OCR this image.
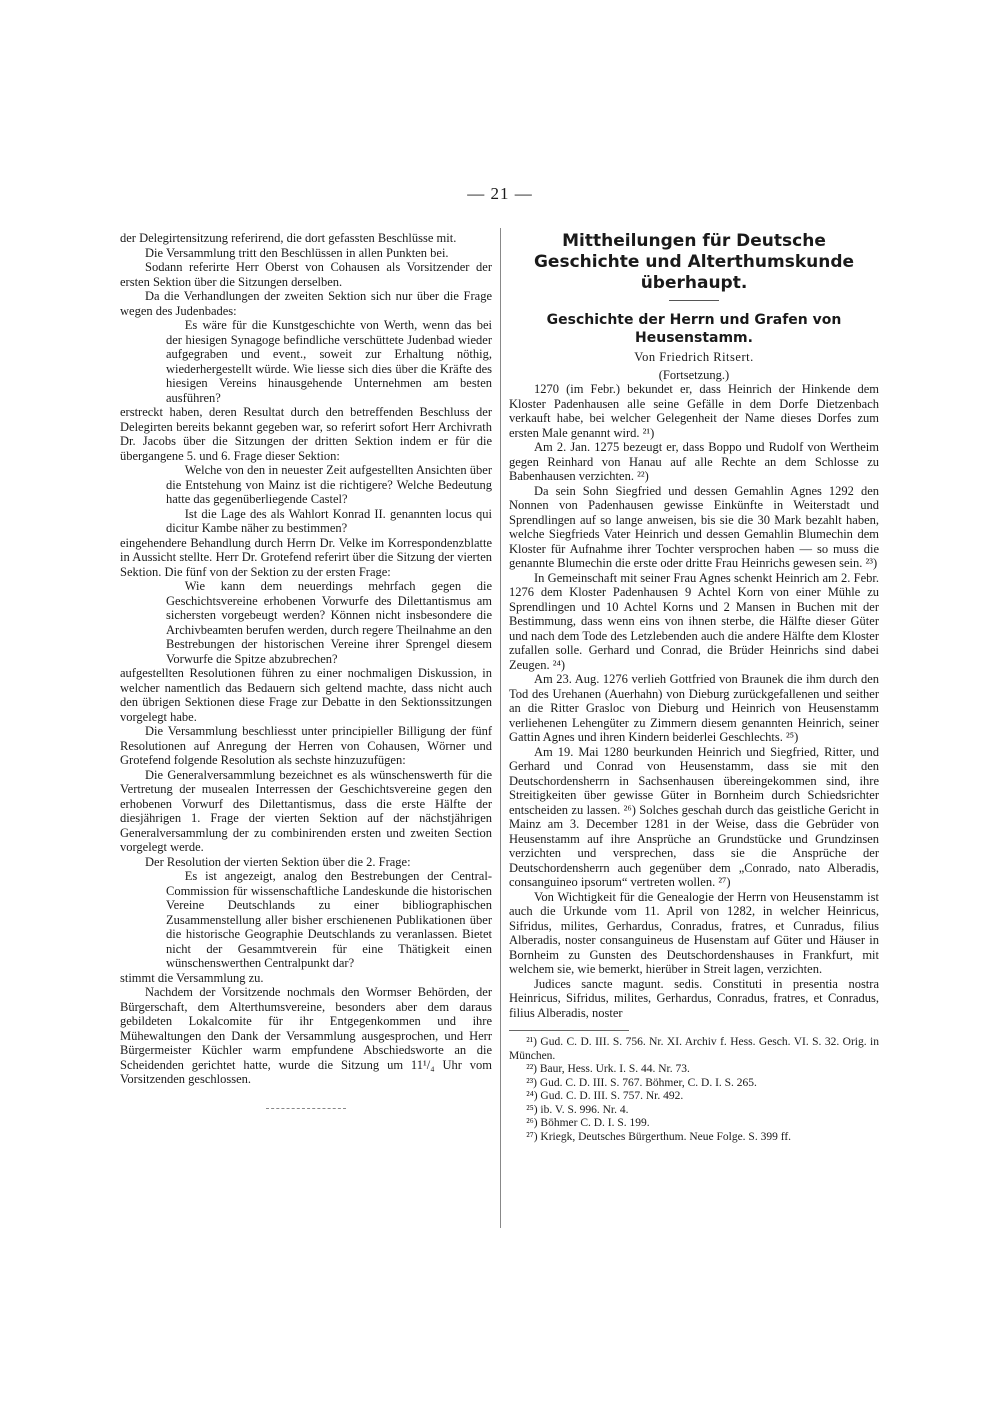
— 21 —

der Delegirtensitzung referirend, die dort gefassten Beschlüsse mit.

Die Versammlung tritt den Beschlüssen in allen Punkten bei.

Sodann referirte Herr Oberst von Cohausen als Vorsitzender der ersten Sektion über die Sitzungen derselben.

Da die Verhandlungen der zweiten Sektion sich nur über die Frage wegen des Judenbades:

Es wäre für die Kunstgeschichte von Werth, wenn das bei der hiesigen Synagoge befindliche verschüttete Judenbad wieder aufgegraben und event., soweit zur Erhaltung nöthig, wiederhergestellt würde. Wie liesse sich dies über die Kräfte des hiesigen Vereins hinausgehende Unternehmen am besten ausführen?

erstreckt haben, deren Resultat durch den betreffenden Beschluss der Delegirten bereits bekannt gegeben war, so referirt sofort Herr Archivrath Dr. Jacobs über die Sitzungen der dritten Sektion indem er für die übergangene 5. und 6. Frage dieser Sektion:

Welche von den in neuester Zeit aufgestellten Ansichten über die Entstehung von Mainz ist die richtigere? Welche Bedeutung hatte das gegenüberliegende Castel?

Ist die Lage des als Wahlort Konrad II. genannten locus qui dicitur Kambe näher zu bestimmen?

eingehendere Behandlung durch Herrn Dr. Velke im Korrespondenzblatte in Aussicht stellte. Herr Dr. Grotefend referirt über die Sitzung der vierten Sektion. Die fünf von der Sektion zu der ersten Frage:

Wie kann dem neuerdings mehrfach gegen die Geschichtsvereine erhobenen Vorwurfe des Dilettantismus am sichersten vorgebeugt werden? Können nicht insbesondere die Archivbeamten berufen werden, durch regere Theilnahme an den Bestrebungen der historischen Vereine ihrer Sprengel diesem Vorwurfe die Spitze abzubrechen?

aufgestellten Resolutionen führen zu einer nochmaligen Diskussion, in welcher namentlich das Bedauern sich geltend machte, dass nicht auch den übrigen Sektionen diese Frage zur Debatte in den Sektionssitzungen vorgelegt habe.

Die Versammlung beschliesst unter principieller Billigung der fünf Resolutionen auf Anregung der Herren von Cohausen, Wörner und Grotefend folgende Resolution als sechste hinzuzufügen:

Die Generalversammlung bezeichnet es als wünschenswerth für die Vertretung der musealen Interressen der Geschichtsvereine gegen den erhobenen Vorwurf des Dilettantismus, dass die erste Hälfte der diesjährigen 1. Frage der vierten Sektion auf der nächstjährigen Generalversammlung der zu combinirenden ersten und zweiten Section vorgelegt werde.

Der Resolution der vierten Sektion über die 2. Frage:

Es ist angezeigt, analog den Bestrebungen der Central-Commission für wissenschaftliche Landeskunde die historischen Vereine Deutschlands zu einer bibliographischen Zusammenstellung aller bisher erschienenen Publikationen über die historische Geographie Deutschlands zu veranlassen. Bietet nicht der Gesammtverein für eine Thätigkeit einen wünschenswerthen Centralpunkt dar?

stimmt die Versammlung zu.

Nachdem der Vorsitzende nochmals den Wormser Behörden, der Bürgerschaft, dem Alterthumsvereine, besonders aber dem daraus gebildeten Lokalcomite für ihr Entgegenkommen und ihre Mühewaltungen den Dank der Versammlung ausgesprochen, und Herr Bürgermeister Küchler warm empfundene Abschiedsworte an die Scheidenden gerichtet hatte, wurde die Sitzung um 11¹/₄ Uhr vom Vorsitzenden geschlossen.

Mittheilungen für Deutsche Geschichte und Alterthumskunde überhaupt.
Geschichte der Herrn und Grafen von Heusenstamm.

Von Friedrich Ritsert.

(Fortsetzung.)

1270 (im Febr.) bekundet er, dass Heinrich der Hinkende dem Kloster Padenhausen alle seine Gefälle in dem Dorfe Dietzenbach verkauft habe, bei welcher Gelegenheit der Name dieses Dorfes zum ersten Male genannt wird. ²¹)

Am 2. Jan. 1275 bezeugt er, dass Boppo und Rudolf von Wertheim gegen Reinhard von Hanau auf alle Rechte an dem Schlosse zu Babenhausen verzichten. ²²)

Da sein Sohn Siegfried und dessen Gemahlin Agnes 1292 den Nonnen von Padenhausen gewisse Einkünfte in Weiterstadt und Sprendlingen auf so lange anweisen, bis sie die 30 Mark bezahlt haben, welche Siegfrieds Vater Heinrich und dessen Gemahlin Blumechin dem Kloster für Aufnahme ihrer Tochter versprochen haben — so muss die genannte Blumechin die erste oder dritte Frau Heinrichs gewesen sein. ²³)

In Gemeinschaft mit seiner Frau Agnes schenkt Heinrich am 2. Febr. 1276 dem Kloster Padenhausen 9 Achtel Korn von einer Mühle zu Sprendlingen und 10 Achtel Korns und 2 Mansen in Buchen mit der Bestimmung, dass wenn eins von ihnen sterbe, die Hälfte dieser Güter und nach dem Tode des Letzlebenden auch die andere Hälfte dem Kloster zufallen solle. Gerhard und Conrad, die Brüder Heinrichs sind dabei Zeugen. ²⁴)

Am 23. Aug. 1276 verlieh Gottfried von Braunek die ihm durch den Tod des Urehanen (Auerhahn) von Dieburg zurückgefallenen und seither an die Ritter Grasloc von Dieburg und Heinrich von Heusenstamm verliehenen Lehengüter zu Zimmern diesem genannten Heinrich, seiner Gattin Agnes und ihren Kindern beiderlei Geschlechts. ²⁵)

Am 19. Mai 1280 beurkunden Heinrich und Siegfried, Ritter, und Gerhard und Conrad von Heusenstamm, dass sie mit den Deutschordensherrn in Sachsenhausen übereingekommen sind, ihre Streitigkeiten über gewisse Güter in Bornheim durch Schiedsrichter entscheiden zu lassen. ²⁶) Solches geschah durch das geistliche Gericht in Mainz am 3. December 1281 in der Weise, dass die Gebrüder von Heusenstamm auf ihre Ansprüche an Grundstücke und Grundzinsen verzichten und versprechen, dass sie die Ansprüche der Deutschordensherrn auch gegenüber dem „Conrado, nato Alberadis, consanguineo ipsorum“ vertreten wollen. ²⁷)

Von Wichtigkeit für die Genealogie der Herrn von Heusenstamm ist auch die Urkunde vom 11. April von 1282, in welcher Heinricus, Sifridus, milites, Gerhardus, Conradus, fratres, et Cunradus, filius Alberadis, noster consanguineus de Husenstam auf Güter und Häuser in Bornheim zu Gunsten des Deutschordenshauses in Frankfurt, mit welchem sie, wie bemerkt, hierüber in Streit lagen, verzichten.

Judices sancte magunt. sedis. Constituti in presentia nostra Heinricus, Sifridus, milites, Gerhardus, Conradus, fratres, et Conradus, filius Alberadis, noster

²¹) Gud. C. D. III. S. 756. Nr. XI. Archiv f. Hess. Gesch. VI. S. 32. Orig. in München.

²²) Baur, Hess. Urk. I. S. 44. Nr. 73.

²³) Gud. C. D. III. S. 767. Böhmer, C. D. I. S. 265.

²⁴) Gud. C. D. III. S. 757. Nr. 492.

²⁵) ib. V. S. 996. Nr. 4.

²⁶) Böhmer C. D. I. S. 199.

²⁷) Kriegk, Deutsches Bürgerthum. Neue Folge. S. 399 ff.
